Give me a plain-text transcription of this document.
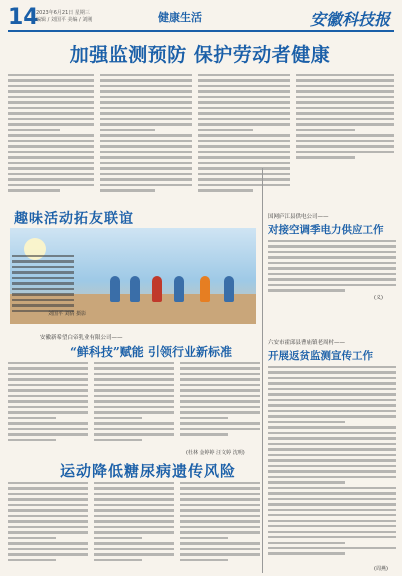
14
2023年6月21日 星期三
编辑 / 刘国平 美编 / 刘刚	健康生活	安徽科技报
加强监测预防 保护劳动者健康
趣味活动拓友联谊
刘国平 刘倩 摄影
安徽新希望白帝乳业有限公司——
“鲜科技”赋能 引领行业新标准
(杜林 金婷婷 汪文婷 沈明)
运动降低糖尿病遗传风险
国网庐江县供电公司——
对接空调季电力供应工作
(义)
六安市霍邱县曹庙镇老周村——
开展返贫监测宣传工作
(周燕)
